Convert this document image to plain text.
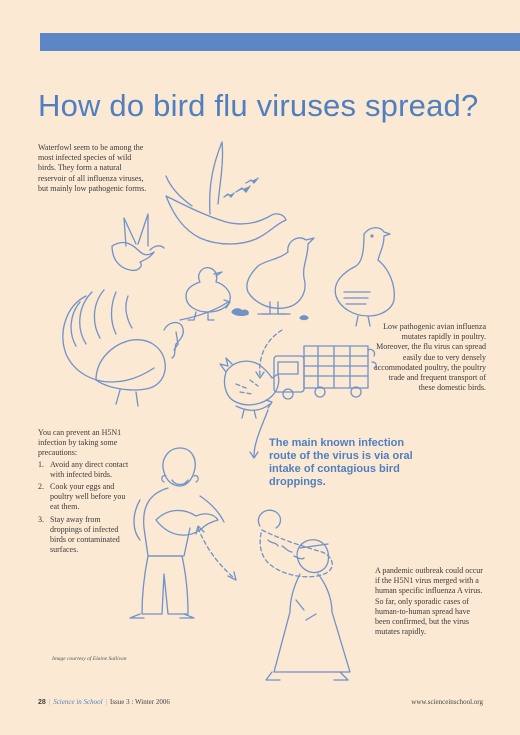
How do bird flu viruses spread?

Waterfowl seem to be among the most infected species of wild birds. They form a natural reservoir of all influenza viruses, but mainly low pathogenic forms.

Low pathogenic avian influenza mutates rapidly in poultry. Moreover, the flu virus can spread easily due to very densely accommodated poultry, the poultry trade and frequent transport of these domestic birds.

The main known infection route of the virus is via oral intake of contagious bird droppings.

You can prevent an H5N1 infection by taking some precautions:

1. Avoid any direct contact with infected birds.
2. Cook your eggs and poultry well before you eat them.
3. Stay away from droppings of infected birds or contaminated surfaces.

A pandemic outbreak could occur if the H5N1 virus merged with a human specific influenza A virus. So far, only sporadic cases of human-to-human spread have been confirmed, but the virus mutates rapidly.

Image courtesy of Elaine Sullivan
28 | Science in School | Issue 3 : Winter 2006	www.scienceinschool.org
